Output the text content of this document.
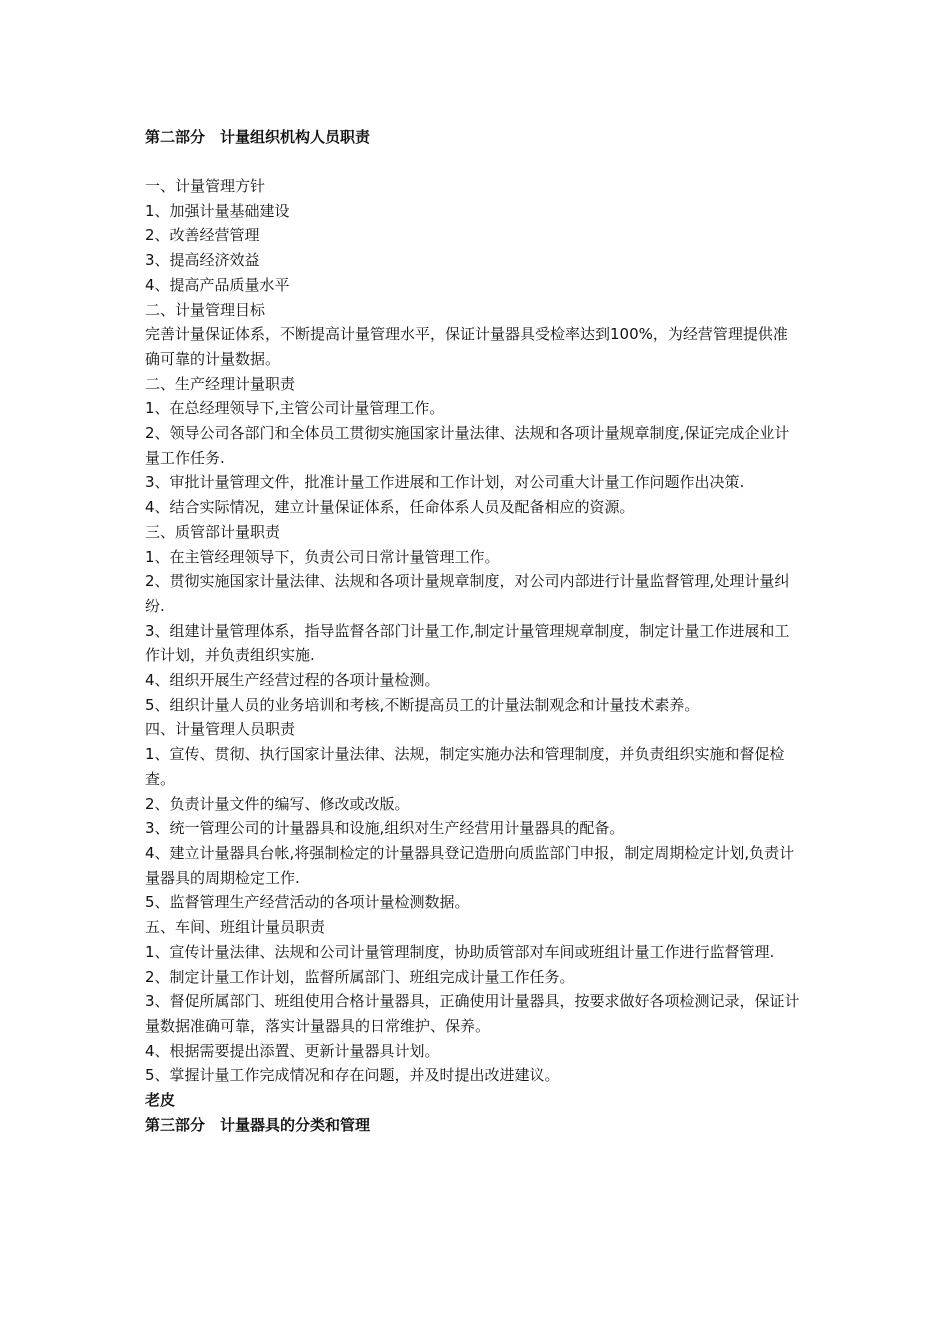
第二部分　计量组织机构人员职责

一、计量管理方针

1、加强计量基础建设

2、改善经营管理

3、提高经济效益

4、提高产品质量水平

二、计量管理目标

完善计量保证体系，不断提高计量管理水平，保证计量器具受检率达到100%，为经营管理提供准确可靠的计量数据。

二、生产经理计量职责

1、在总经理领导下,主管公司计量管理工作。

2、领导公司各部门和全体员工贯彻实施国家计量法律、法规和各项计量规章制度,保证完成企业计量工作任务.

3、审批计量管理文件，批准计量工作进展和工作计划，对公司重大计量工作问题作出决策.

4、结合实际情况，建立计量保证体系，任命体系人员及配备相应的资源。

三、质管部计量职责

1、在主管经理领导下，负责公司日常计量管理工作。

2、贯彻实施国家计量法律、法规和各项计量规章制度，对公司内部进行计量监督管理,处理计量纠纷.

3、组建计量管理体系，指导监督各部门计量工作,制定计量管理规章制度，制定计量工作进展和工作计划，并负责组织实施.

4、组织开展生产经营过程的各项计量检测。

5、组织计量人员的业务培训和考核,不断提高员工的计量法制观念和计量技术素养。

四、计量管理人员职责

1、宣传、贯彻、执行国家计量法律、法规，制定实施办法和管理制度，并负责组织实施和督促检查。

2、负责计量文件的编写、修改或改版。

3、统一管理公司的计量器具和设施,组织对生产经营用计量器具的配备。

4、建立计量器具台帐,将强制检定的计量器具登记造册向质监部门申报，制定周期检定计划,负责计量器具的周期检定工作.

5、监督管理生产经营活动的各项计量检测数据。

五、车间、班组计量员职责

1、宣传计量法律、法规和公司计量管理制度，协助质管部对车间或班组计量工作进行监督管理.

2、制定计量工作计划，监督所属部门、班组完成计量工作任务。

3、督促所属部门、班组使用合格计量器具，正确使用计量器具，按要求做好各项检测记录，保证计量数据准确可靠，落实计量器具的日常维护、保养。

4、根据需要提出添置、更新计量器具计划。

5、掌握计量工作完成情况和存在问题，并及时提出改进建议。

老皮

第三部分　计量器具的分类和管理
